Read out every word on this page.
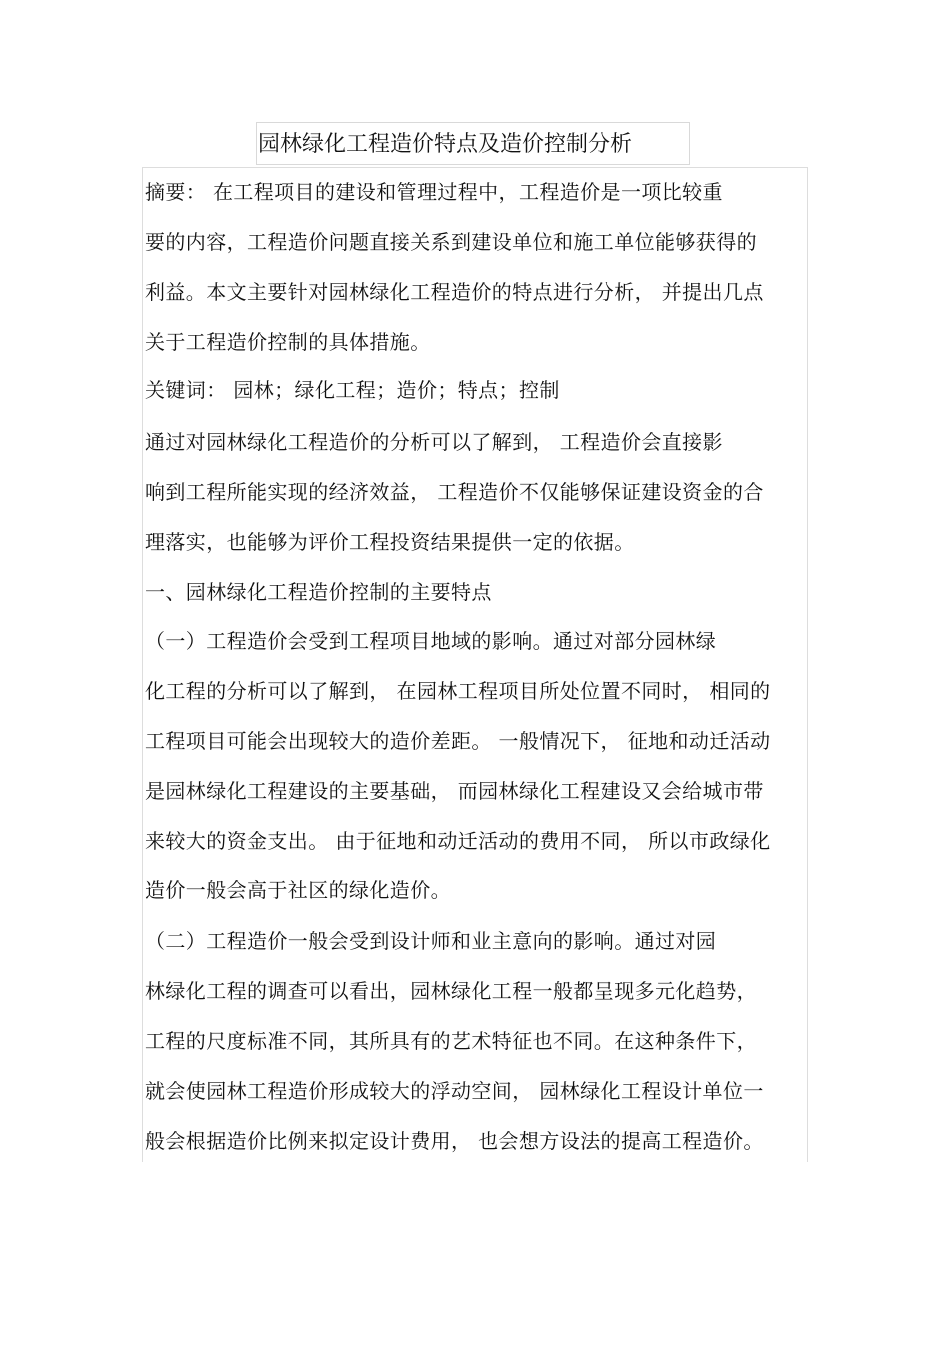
园林绿化工程造价特点及造价控制分析
摘要： 在工程项目的建设和管理过程中，工程造价是一项比较重
要的内容，工程造价问题直接关系到建设单位和施工单位能够获得的
利益。本文主要针对园林绿化工程造价的特点进行分析， 并提出几点
关于工程造价控制的具体措施。
关键词： 园林；绿化工程；造价；特点；控制
通过对园林绿化工程造价的分析可以了解到， 工程造价会直接影
响到工程所能实现的经济效益， 工程造价不仅能够保证建设资金的合
理落实，也能够为评价工程投资结果提供一定的依据。
一、园林绿化工程造价控制的主要特点
（一）工程造价会受到工程项目地域的影响。通过对部分园林绿
化工程的分析可以了解到， 在园林工程项目所处位置不同时， 相同的
工程项目可能会出现较大的造价差距。 一般情况下， 征地和动迁活动
是园林绿化工程建设的主要基础， 而园林绿化工程建设又会给城市带
来较大的资金支出。 由于征地和动迁活动的费用不同， 所以市政绿化
造价一般会高于社区的绿化造价。
（二）工程造价一般会受到设计师和业主意向的影响。通过对园
林绿化工程的调查可以看出，园林绿化工程一般都呈现多元化趋势，
工程的尺度标准不同，其所具有的艺术特征也不同。在这种条件下，
就会使园林工程造价形成较大的浮动空间， 园林绿化工程设计单位一
般会根据造价比例来拟定设计费用， 也会想方设法的提高工程造价。
